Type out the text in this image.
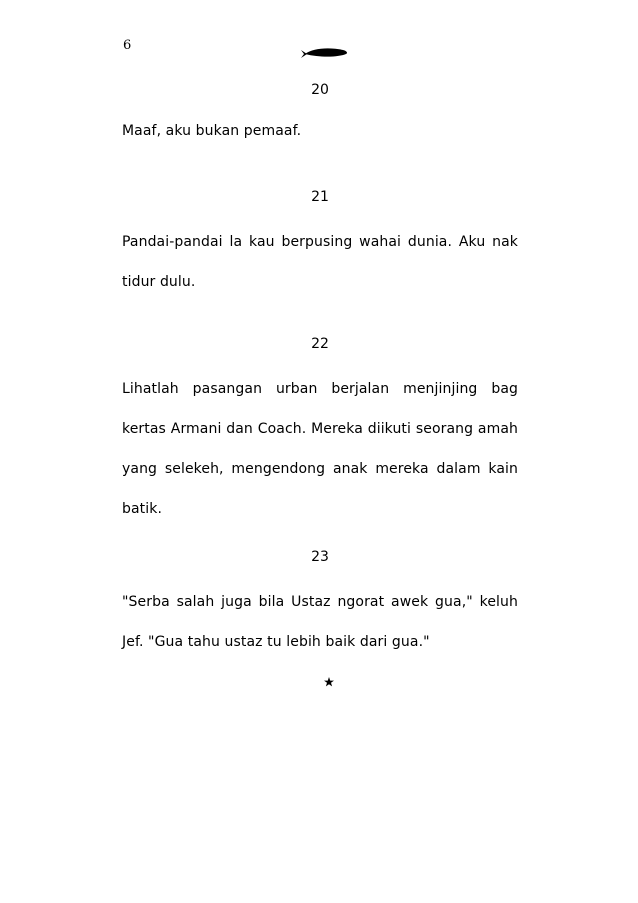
6

20

Maaf, aku bukan pemaaf.

21

Pandai-pandai la kau berpusing wahai dunia. Aku nak tidur dulu.

22

Lihatlah pasangan urban berjalan menjinjing bag kertas Armani dan Coach. Mereka diikuti seorang amah yang selekeh, mengendong anak mereka dalam kain batik.

23

"Serba salah juga bila Ustaz ngorat awek gua," keluh Jef. "Gua tahu ustaz tu lebih baik dari gua."
